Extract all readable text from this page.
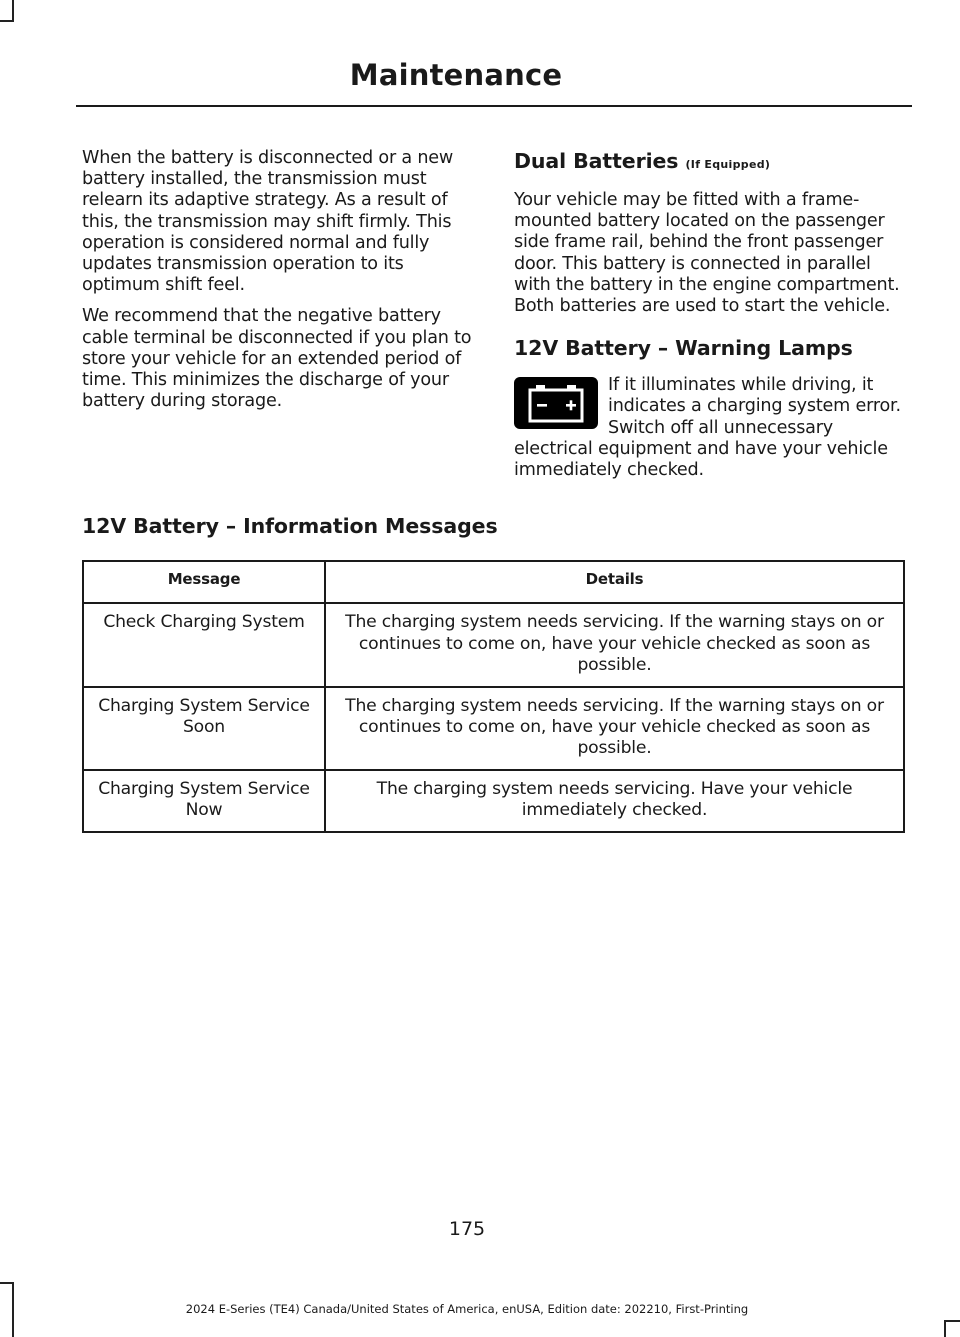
Maintenance

When the battery is disconnected or a new battery installed, the transmission must relearn its adaptive strategy. As a result of this, the transmission may shift firmly. This operation is considered normal and fully updates transmission operation to its optimum shift feel.

We recommend that the negative battery cable terminal be disconnected if you plan to store your vehicle for an extended period of time. This minimizes the discharge of your battery during storage.

Dual Batteries (If Equipped)

Your vehicle may be fitted with a frame-mounted battery located on the passenger side frame rail, behind the front passenger door. This battery is connected in parallel with the battery in the engine compartment. Both batteries are used to start the vehicle.

12V Battery – Warning Lamps

If it illuminates while driving, it indicates a charging system error. Switch off all unnecessary electrical equipment and have your vehicle immediately checked.

12V Battery – Information Messages
Message	Details
Check Charging System	The charging system needs servicing. If the warning stays on or continues to come on, have your vehicle checked as soon as possible.
Charging System Service Soon	The charging system needs servicing. If the warning stays on or continues to come on, have your vehicle checked as soon as possible.
Charging System Service Now	The charging system needs servicing. Have your vehicle immediately checked.
175
2024 E-Series (TE4) Canada/United States of America, enUSA, Edition date: 202210, First-Printing
